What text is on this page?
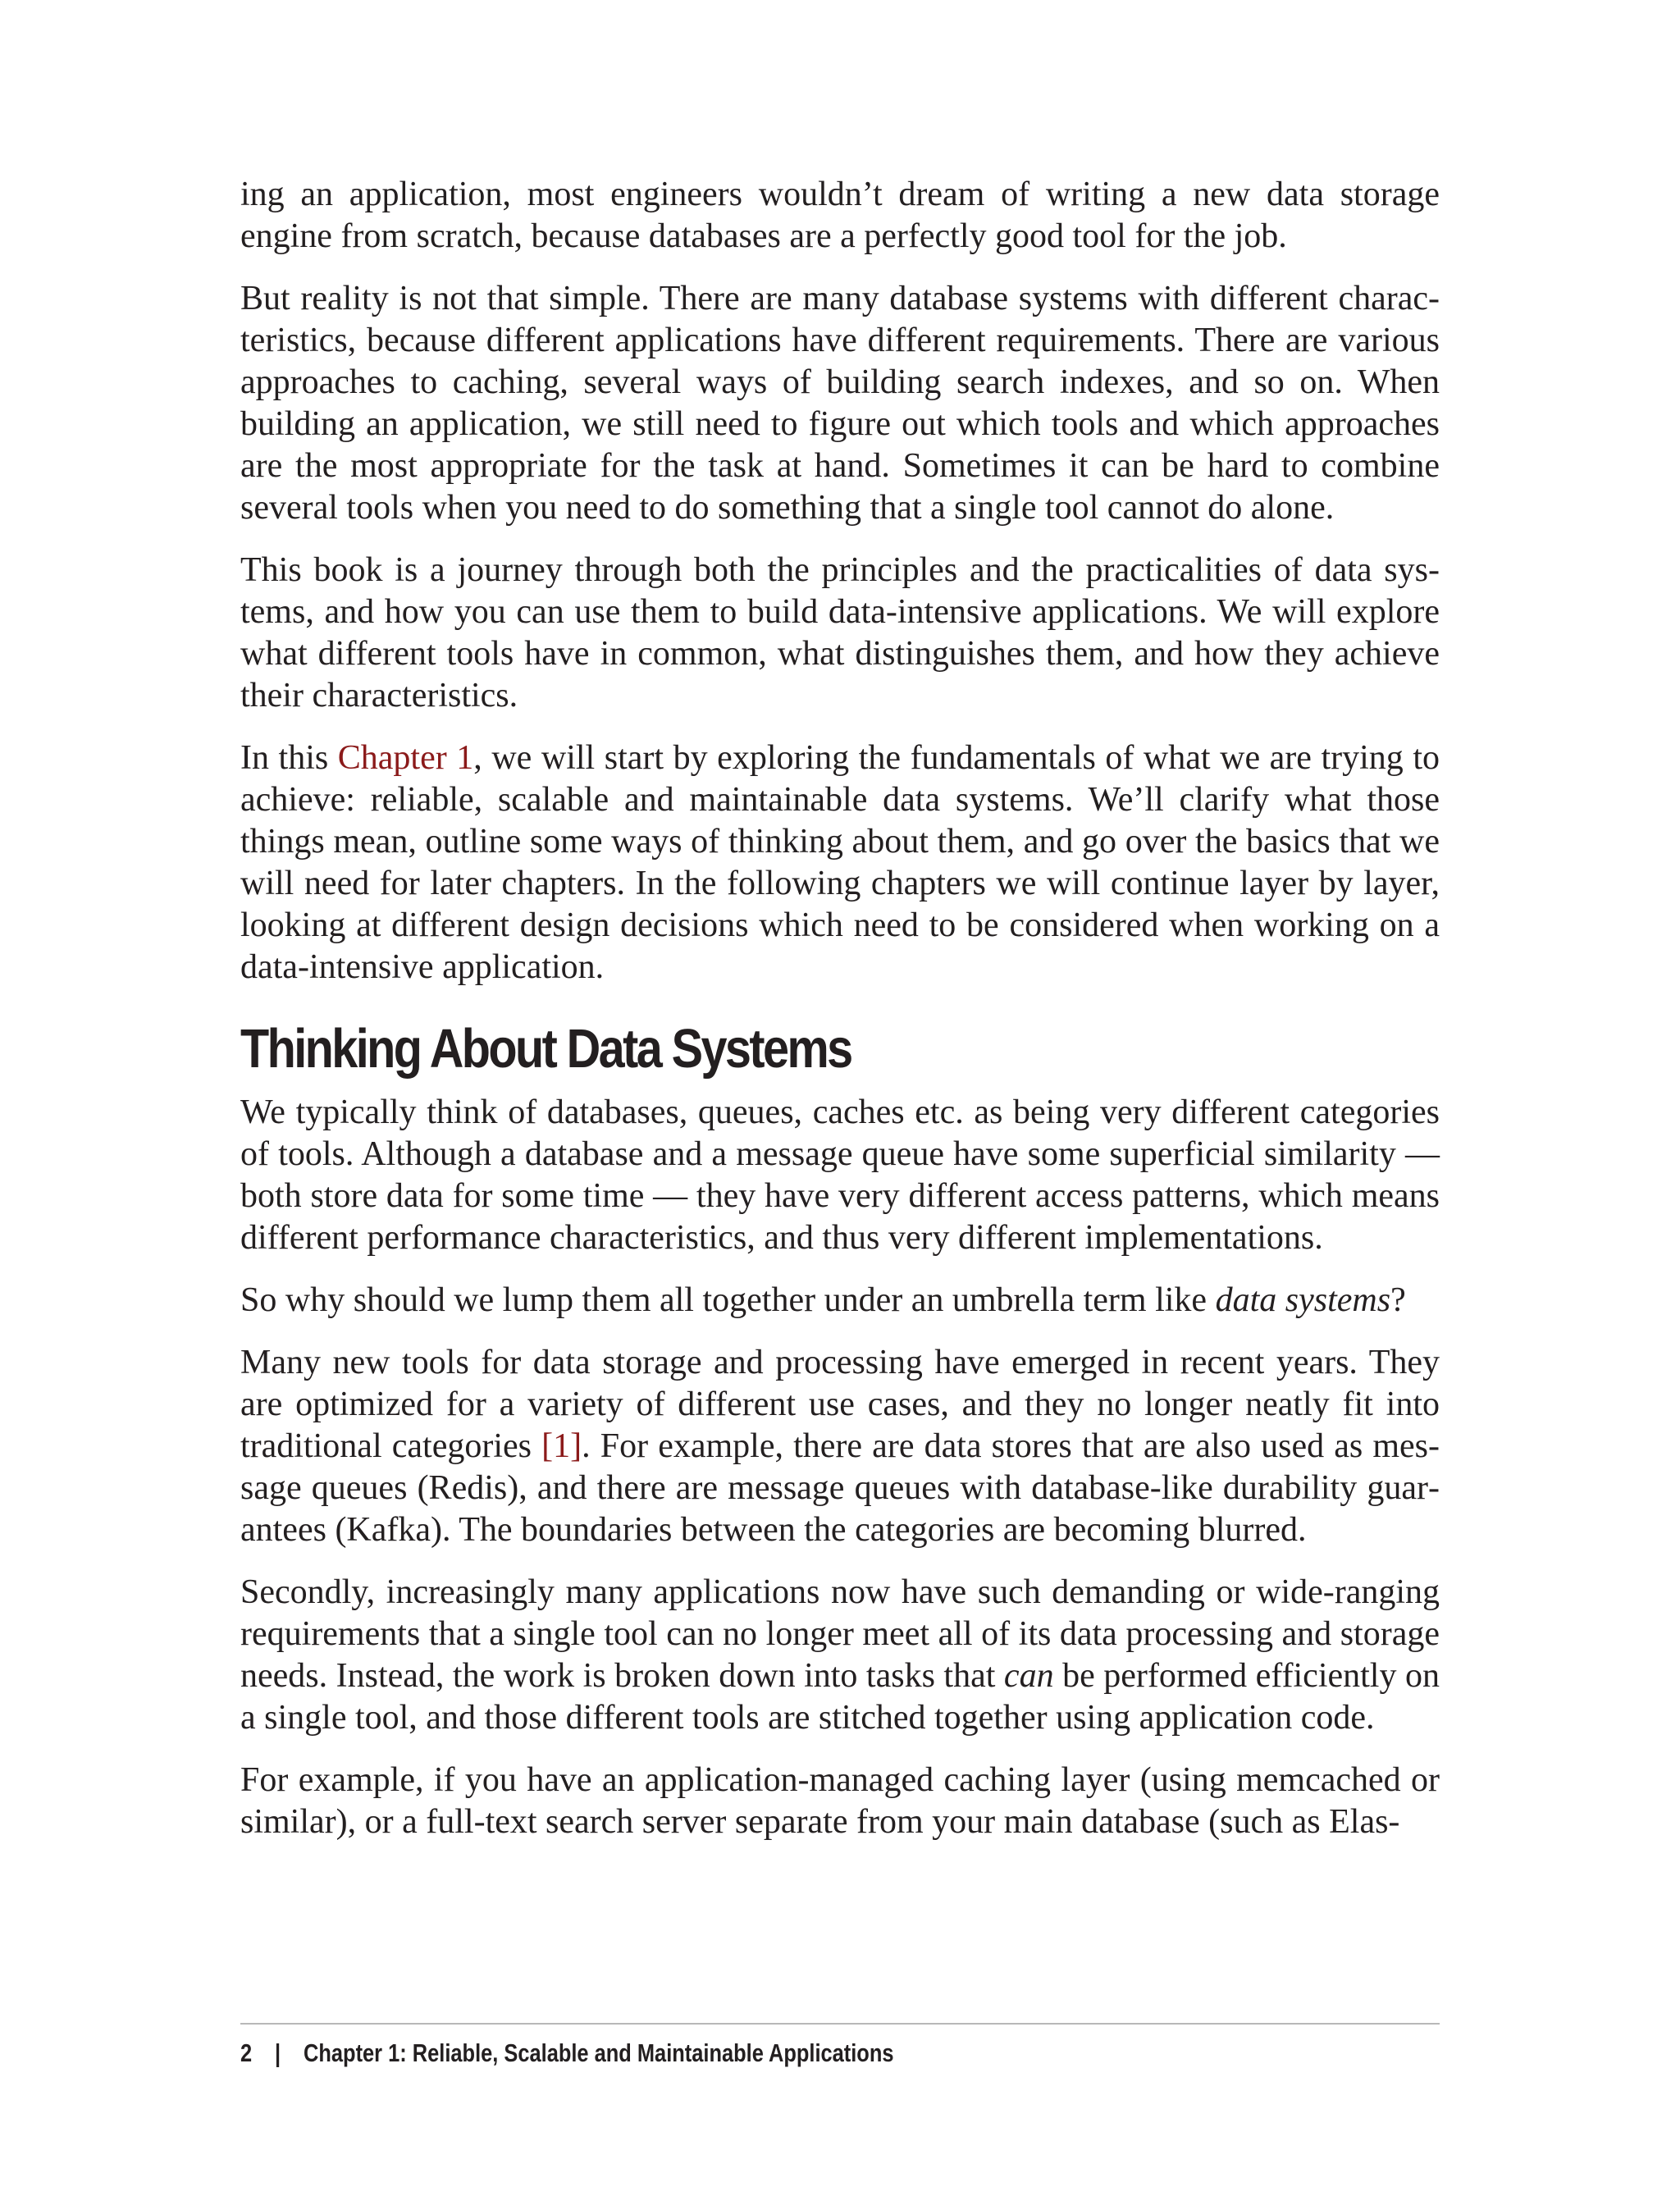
ing an application, most engineers wouldn’t dream of writing a new data storage engine from scratch, because databases are a perfectly good tool for the job.

But reality is not that simple. There are many database systems with different characteristics, because different applications have different requirements. There are various approaches to caching, several ways of building search indexes, and so on. When building an application, we still need to figure out which tools and which approaches are the most appropriate for the task at hand. Sometimes it can be hard to combine several tools when you need to do something that a single tool cannot do alone.

This book is a journey through both the principles and the practicalities of data systems, and how you can use them to build data-intensive applications. We will explore what different tools have in common, what distinguishes them, and how they achieve their characteristics.

In this Chapter 1, we will start by exploring the fundamentals of what we are trying to achieve: reliable, scalable and maintainable data systems. We’ll clarify what those things mean, outline some ways of thinking about them, and go over the basics that we will need for later chapters. In the following chapters we will continue layer by layer, looking at different design decisions which need to be considered when working on a data-intensive application.

Thinking About Data Systems

We typically think of databases, queues, caches etc. as being very different categories of tools. Although a database and a message queue have some superficial similarity — both store data for some time — they have very different access patterns, which means different performance characteristics, and thus very different implementations.

So why should we lump them all together under an umbrella term like data systems?

Many new tools for data storage and processing have emerged in recent years. They are optimized for a variety of different use cases, and they no longer neatly fit into traditional categories [1]. For example, there are data stores that are also used as message queues (Redis), and there are message queues with database-like durability guarantees (Kafka). The boundaries between the categories are becoming blurred.

Secondly, increasingly many applications now have such demanding or wide-ranging requirements that a single tool can no longer meet all of its data processing and storage needs. Instead, the work is broken down into tasks that can be performed efficiently on a single tool, and those different tools are stitched together using application code.

For example, if you have an application-managed caching layer (using memcached or similar), or a full-text search server separate from your main database (such as Elas-

2 | Chapter 1: Reliable, Scalable and Maintainable Applications
